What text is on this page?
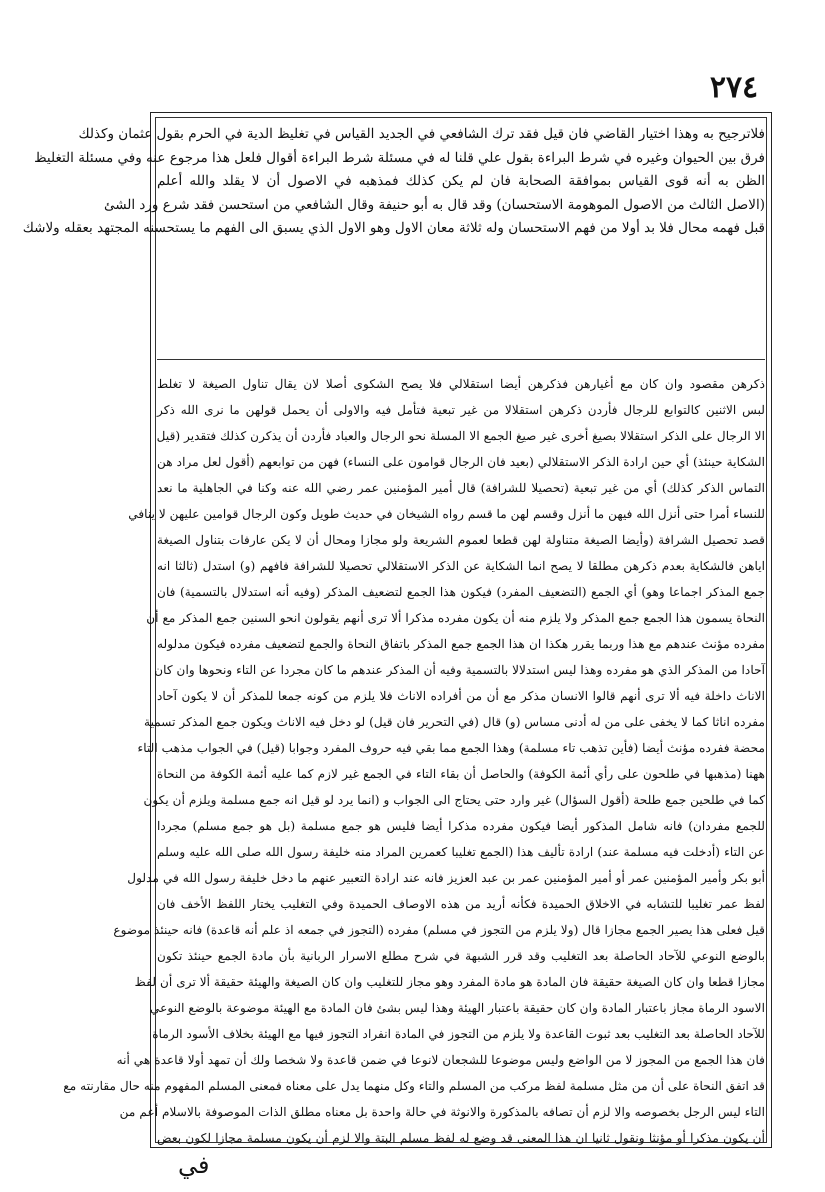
٢٧٤
فلاترجيح به وهذا اختيار القاضي فان قيل فقد ترك الشافعي في الجديد القياس في تغليظ الدية في الحرم بقول عثمان وكذلك
فرق بين الحيوان وغيره في شرط البراءة بقول علي قلنا له في مسئلة شرط البراءة أقوال فلعل هذا مرجوع عنه وفي مسئلة التغليظ
الظن به أنه قوى القياس بموافقة الصحابة فان لم يكن كذلك فمذهبه في الاصول أن لا يقلد والله أعلم
(الاصل الثالث من الاصول الموهومة الاستحسان) وقد قال به أبو حنيفة وقال الشافعي من استحسن فقد شرع ورد الشئ
قبل فهمه محال فلا بد أولا من فهم الاستحسان وله ثلاثة معان الاول وهو الاول الذي يسبق الى الفهم ما يستحسنه المجتهد بعقله ولاشك
ذكرهن مقصود وان كان مع أغيارهن فذكرهن أيضا استقلالي فلا يصح الشكوى أصلا لان يقال تناول الصيغة لا تغلط
لبس الاثنين كالتوابع للرجال فأردن ذكرهن استقلالا من غير تبعية فتأمل فيه والاولى أن يحمل قولهن ما نرى الله ذكر
الا الرجال على الذكر استقلالا بصيغ أخرى غير صيغ الجمع الا المسلة نحو الرجال والعباد فأردن أن يذكرن كذلك فتقدير (قيل
الشكاية حينئذ) أي حين ارادة الذكر الاستقلالي (بعيد فان الرجال قوامون على النساء) فهن من توابعهم (أقول لعل مراد هن
التماس الذكر كذلك) أي من غير تبعية (تحصيلا للشرافة) قال أمير المؤمنين عمر رضي الله عنه وكنا في الجاهلية ما نعد
للنساء أمرا حتى أنزل الله فيهن ما أنزل وقسم لهن ما قسم رواه الشيخان في حديث طويل وكون الرجال قوامين عليهن لا ينافي
قصد تحصيل الشرافة (وأيضا الصيغة متناولة لهن قطعا لعموم الشريعة ولو مجازا ومحال أن لا يكن عارفات بتناول الصيغة
اياهن فالشكاية بعدم ذكرهن مطلقا لا يصح انما الشكاية عن الذكر الاستقلالي تحصيلا للشرافة فافهم (و) استدل (ثالثا انه
جمع المذكر اجماعا وهو) أي الجمع (التضعيف المفرد) فيكون هذا الجمع لتضعيف المذكر (وفيه أنه استدلال بالتسمية) فان
النحاة يسمون هذا الجمع جمع المذكر ولا يلزم منه أن يكون مفرده مذكرا ألا ترى أنهم يقولون انحو السنين جمع المذكر مع أن
مفرده مؤنث عندهم مع هذا وربما يقرر هكذا ان هذا الجمع جمع المذكر باتفاق النحاة والجمع لتضعيف مفرده فيكون مدلوله
آحادا من المذكر الذي هو مفرده وهذا ليس استدلالا بالتسمية وفيه أن المذكر عندهم ما كان مجردا عن التاء ونحوها وان كان
الاناث داخلة فيه ألا ترى أنهم قالوا الانسان مذكر مع أن من أفراده الاناث فلا يلزم من كونه جمعا للمذكر أن لا يكون آحاد
مفرده اناثا كما لا يخفى على من له أدنى مساس (و) قال (في التحرير فان قيل) لو دخل فيه الاناث ويكون جمع المذكر تسمية
محضة ففرده مؤنث أيضا (فأين تذهب تاء مسلمة) وهذا الجمع مما بقي فيه حروف المفرد وجوابا (قيل) في الجواب مذهب التاء
ههنا (مذهبها في طلحون على رأي أئمة الكوفة) والحاصل أن بقاء التاء في الجمع غير لازم كما عليه أئمة الكوفة من النحاة
كما في طلحين جمع طلحة (أقول السؤال) غير وارد حتى يحتاج الى الجواب و (انما يرد لو قيل انه جمع مسلمة ويلزم أن يكون
للجمع مفردان) فانه شامل المذكور أيضا فيكون مفرده مذكرا أيضا فليس هو جمع مسلمة (بل هو جمع مسلم) مجردا
عن التاء (أدخلت فيه مسلمة عند) ارادة تأليف هذا (الجمع تغليبا كعمرين المراد منه خليفة رسول الله صلى الله عليه وسلم
أبو بكر وأمير المؤمنين عمر أو أمير المؤمنين عمر بن عبد العزيز فانه عند ارادة التعبير عنهم ما دخل خليفة رسول الله في مدلول
لفظ عمر تغليبا للتشابه في الاخلاق الحميدة فكأنه أريد من هذه الاوصاف الحميدة وفي التغليب يختار اللفظ الأخف فان
قيل فعلى هذا يصير الجمع مجازا قال (ولا يلزم من التجوز في مسلم) مفرده (التجوز في جمعه اذ علم أنه قاعدة) فانه حينئذ موضوع
بالوضع النوعي للآحاد الحاصلة بعد التغليب وقد قرر الشبهة في شرح مطلع الاسرار الربانية بأن مادة الجمع حينئذ تكون
مجازا قطعا وان كان الصيغة حقيقة فان المادة هو مادة المفرد وهو مجاز للتغليب وان كان الصيغة والهيئة حقيقة ألا ترى أن لفظ
الاسود الرماة مجاز باعتبار المادة وان كان حقيقة باعتبار الهيئة وهذا ليس بشئ فان المادة مع الهيئة موضوعة بالوضع النوعي
للآحاد الحاصلة بعد التغليب بعد ثبوت القاعدة ولا يلزم من التجوز في المادة انفراد التجوز فيها مع الهيئة بخلاف الأسود الرماة
فان هذا الجمع من المجوز لا من الواضع وليس موضوعا للشجعان لانوعا في ضمن قاعدة ولا شخصا ولك أن تمهد أولا قاعدة هي أنه
قد اتفق النحاة على أن من مثل مسلمة لفظ مركب من المسلم والتاء وكل منهما يدل على معناه فمعنى المسلم المفهوم منه حال مقارنته مع
التاء ليس الرجل بخصوصه والا لزم أن تصافه بالمذكورة والانوثة في حالة واحدة بل معناه مطلق الذات الموصوفة بالاسلام أعم من
أن يكون مذكرا أو مؤنثا ونقول ثانيا ان هذا المعنى قد وضع له لفظ مسلم البتة والا لزم أن يكون مسلمة مجازا لكون بعض
في
